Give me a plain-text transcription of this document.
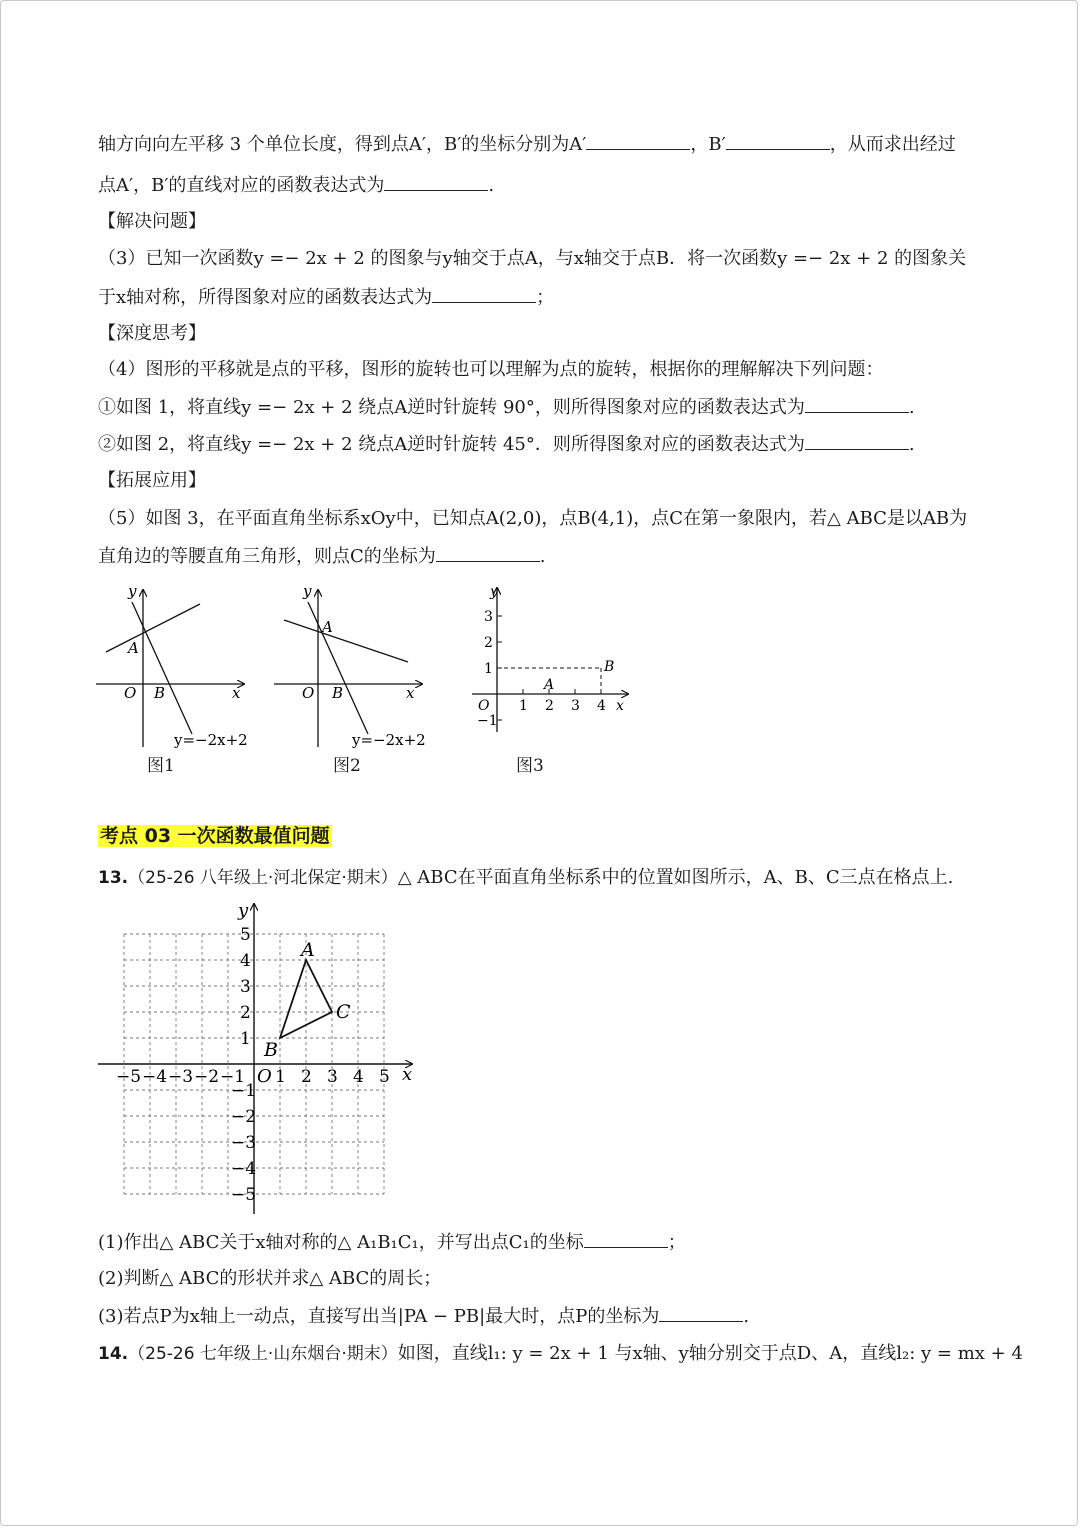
轴方向向左平移 3 个单位长度，得到点A′，B′的坐标分别为A′	，B′	，从而求出经过
点A′，B′的直线对应的函数表达式为	.
【解决问题】
（3）已知一次函数y =− 2x + 2 的图象与y轴交于点A，与x轴交于点B．将一次函数y =− 2x + 2 的图象关
于x轴对称，所得图象对应的函数表达式为	；
【深度思考】
（4）图形的平移就是点的平移，图形的旋转也可以理解为点的旋转，根据你的理解解决下列问题：
①如图 1，将直线y =− 2x + 2 绕点A逆时针旋转 90°，则所得图象对应的函数表达式为	.
②如图 2，将直线y =− 2x + 2 绕点A逆时针旋转 45°．则所得图象对应的函数表达式为	.
【拓展应用】
（5）如图 3，在平面直角坐标系xOy中，已知点A(2,0)，点B(4,1)，点C在第一象限内，若△ ABC是以AB为
直角边的等腰直角三角形，则点C的坐标为	.
y
x
O
A
B
y=−2x+2
图1
y
x
O
A
B
y=−2x+2
图2
y
x
O
A
B
1 2 3 4
3
2
1
−1
图3
考点 03 一次函数最值问题
13.（25-26 八年级上·河北保定·期末）△ ABC在平面直角坐标系中的位置如图所示，A、B、C三点在格点上.
y
x
O
A
B
C
−5 −4 −3 −2 −1 1 2 3 4 5
5
4
3
2
1
−1
−2
−3
−4
−5
(1)作出△ ABC关于x轴对称的△ A₁B₁C₁，并写出点C₁的坐标	；
(2)判断△ ABC的形状并求△ ABC的周长；
(3)若点P为x轴上一动点，直接写出当|PA − PB|最大时，点P的坐标为	.
14.（25-26 七年级上·山东烟台·期末）如图，直线l₁: y = 2x + 1 与x轴、y轴分别交于点D、A，直线l₂: y = mx + 4
